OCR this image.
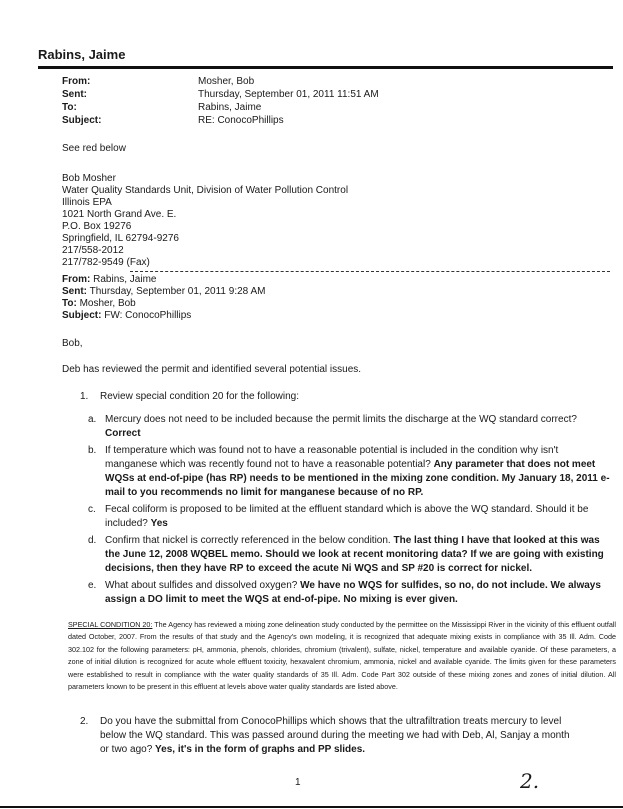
Rabins, Jaime
From:	Mosher, Bob
Sent:	Thursday, September 01, 2011 11:51 AM
To:	Rabins, Jaime
Subject:	RE: ConocoPhillips
See red below
Bob Mosher
Water Quality Standards Unit, Division of Water Pollution Control
Illinois EPA
1021 North Grand Ave. E.
P.O. Box 19276
Springfield, IL 62794-9276
217/558-2012
217/782-9549 (Fax)
From: Rabins, Jaime
Sent: Thursday, September 01, 2011 9:28 AM
To: Mosher, Bob
Subject: FW: ConocoPhillips
Bob,
Deb has reviewed the permit and identified several potential issues.
1.	Review special condition 20 for the following:
a. Mercury does not need to be included because the permit limits the discharge at the WQ standard correct? Correct
b. If temperature which was found not to have a reasonable potential is included in the condition why isn't manganese which was recently found not to have a reasonable potential? Any parameter that does not meet WQSs at end-of-pipe (has RP) needs to be mentioned in the mixing zone condition. My January 18, 2011 e-mail to you recommends no limit for manganese because of no RP.
c. Fecal coliform is proposed to be limited at the effluent standard which is above the WQ standard. Should it be included? Yes
d. Confirm that nickel is correctly referenced in the below condition. The last thing I have that looked at this was the June 12, 2008 WQBEL memo. Should we look at recent monitoring data? If we are going with existing decisions, then they have RP to exceed the acute Ni WQS and SP #20 is correct for nickel.
e. What about sulfides and dissolved oxygen? We have no WQS for sulfides, so no, do not include. We always assign a DO limit to meet the WQS at end-of-pipe. No mixing is ever given.
SPECIAL CONDITION 20: The Agency has reviewed a mixing zone delineation study conducted by the permittee on the Mississippi River in the vicinity of this effluent outfall dated October, 2007. From the results of that study and the Agency's own modeling, it is recognized that adequate mixing exists in compliance with 35 Ill. Adm. Code 302.102 for the following parameters: pH, ammonia, phenols, chlorides, chromium (trivalent), sulfate, nickel, temperature and available cyanide. Of these parameters, a zone of initial dilution is recognized for acute whole effluent toxicity, hexavalent chromium, ammonia, nickel and available cyanide. The limits given for these parameters were established to result in compliance with the water quality standards of 35 Ill. Adm. Code Part 302 outside of these mixing zones and zones of initial dilution. All parameters known to be present in this effluent at levels above water quality standards are listed above.
2.	Do you have the submittal from ConocoPhillips which shows that the ultrafiltration treats mercury to level below the WQ standard. This was passed around during the meeting we had with Deb, Al, Sanjay a month or two ago? Yes, it's in the form of graphs and PP slides.
1	2.
